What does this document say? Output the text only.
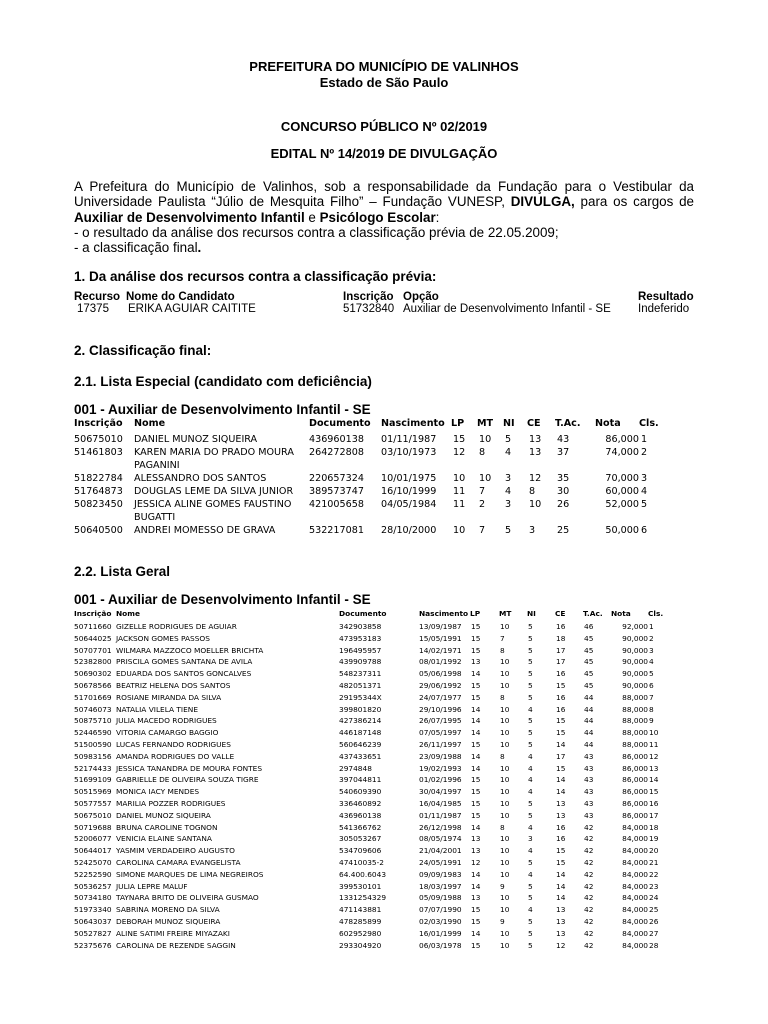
PREFEITURA DO MUNICÍPIO DE VALINHOS
Estado de São Paulo
CONCURSO PÚBLICO Nº 02/2019
EDITAL Nº 14/2019 DE DIVULGAÇÃO
A Prefeitura do Município de Valinhos, sob a responsabilidade da Fundação para o Vestibular da Universidade Paulista “Júlio de Mesquita Filho” – Fundação VUNESP, DIVULGA, para os cargos de Auxiliar de Desenvolvimento Infantil e Psicólogo Escolar:
- o resultado da análise dos recursos contra a classificação prévia de 22.05.2009;
- a classificação final.
1. Da análise dos recursos contra a classificação prévia:
Recurso	Nome do Candidato	Inscrição	Opção	Resultado
17375	ERIKA AGUIAR CAITITE	51732840	Auxiliar de Desenvolvimento Infantil - SE	Indeferido
2. Classificação final:
2.1. Lista Especial (candidato com deficiência)
001 - Auxiliar de Desenvolvimento Infantil - SE
Inscrição	Nome	Documento	Nascimento	LP	MT	NI	CE	T.Ac.	Nota	Cls.
50675010	DANIEL MUNOZ SIQUEIRA	436960138	01/11/1987	15	10	5	13	43	86,000	1
51461803	KAREN MARIA DO PRADO MOURA PAGANINI	264272808	03/10/1973	12	8	4	13	37	74,000	2
51822784	ALESSANDRO DOS SANTOS	220657324	10/01/1975	10	10	3	12	35	70,000	3
51764873	DOUGLAS LEME DA SILVA JUNIOR	389573747	16/10/1999	11	7	4	8	30	60,000	4
50823450	JESSICA ALINE GOMES FAUSTINO BUGATTI	421005658	04/05/1984	11	2	3	10	26	52,000	5
50640500	ANDREI MOMESSO DE GRAVA	532217081	28/10/2000	10	7	5	3	25	50,000	6
2.2. Lista Geral
001 - Auxiliar de Desenvolvimento Infantil - SE
Inscrição	Nome	Documento	Nascimento	LP	MT	NI	CE	T.Ac.	Nota	Cls.
50711660	GIZELLE RODRIGUES DE AGUIAR	342903858	13/09/1987	15	10	5	16	46	92,000	1
50644025	JACKSON GOMES PASSOS	473953183	15/05/1991	15	7	5	18	45	90,000	2
50707701	WILMARA MAZZOCO MOELLER BRICHTA	196495957	14/02/1971	15	8	5	17	45	90,000	3
52382800	PRISCILA GOMES SANTANA DE AVILA	439909788	08/01/1992	13	10	5	17	45	90,000	4
50690302	EDUARDA DOS SANTOS GONCALVES	548237311	05/06/1998	14	10	5	16	45	90,000	5
50678566	BEATRIZ HELENA DOS SANTOS	482051371	29/06/1992	15	10	5	15	45	90,000	6
51701669	ROSIANE MIRANDA DA SILVA	29195344X	24/07/1977	15	8	5	16	44	88,000	7
50746073	NATALIA VILELA TIENE	399801820	29/10/1996	14	10	4	16	44	88,000	8
50875710	JULIA MACEDO RODRIGUES	427386214	26/07/1995	14	10	5	15	44	88,000	9
52446590	VITORIA CAMARGO BAGGIO	446187148	07/05/1997	14	10	5	15	44	88,000	10
51500590	LUCAS FERNANDO RODRIGUES	560646239	26/11/1997	15	10	5	14	44	88,000	11
50983156	AMANDA RODRIGUES DO VALLE	437433651	23/09/1988	14	8	4	17	43	86,000	12
52174433	JESSICA TANANDRA DE MOURA FONTES	2974848	19/02/1993	14	10	4	15	43	86,000	13
51699109	GABRIELLE DE OLIVEIRA SOUZA TIGRE	397044811	01/02/1996	15	10	4	14	43	86,000	14
50515969	MONICA IACY MENDES	540609390	30/04/1997	15	10	4	14	43	86,000	15
50577557	MARILIA POZZER RODRIGUES	336460892	16/04/1985	15	10	5	13	43	86,000	16
50675010	DANIEL MUNOZ SIQUEIRA	436960138	01/11/1987	15	10	5	13	43	86,000	17
50719688	BRUNA CAROLINE TOGNON	541366762	26/12/1998	14	8	4	16	42	84,000	18
52006077	VENICIA ELAINE SANTANA	305053267	08/05/1974	13	10	3	16	42	84,000	19
50644017	YASMIM VERDADEIRO AUGUSTO	534709606	21/04/2001	13	10	4	15	42	84,000	20
52425070	CAROLINA CAMARA EVANGELISTA	47410035-2	24/05/1991	12	10	5	15	42	84,000	21
52252590	SIMONE MARQUES DE LIMA NEGREIROS	64.400.6043	09/09/1983	14	10	4	14	42	84,000	22
50536257	JULIA LEPRE MALUF	399530101	18/03/1997	14	9	5	14	42	84,000	23
50734180	TAYNARA BRITO DE OLIVEIRA GUSMAO	1331254329	05/09/1988	13	10	5	14	42	84,000	24
51973340	SABRINA MORENO DA SILVA	471143881	07/07/1990	15	10	4	13	42	84,000	25
50643037	DEBORAH MUNOZ SIQUEIRA	478285899	02/03/1990	15	9	5	13	42	84,000	26
50527827	ALINE SATIMI FREIRE MIYAZAKI	602952980	16/01/1999	14	10	5	13	42	84,000	27
52375676	CAROLINA DE REZENDE SAGGIN	293304920	06/03/1978	15	10	5	12	42	84,000	28
